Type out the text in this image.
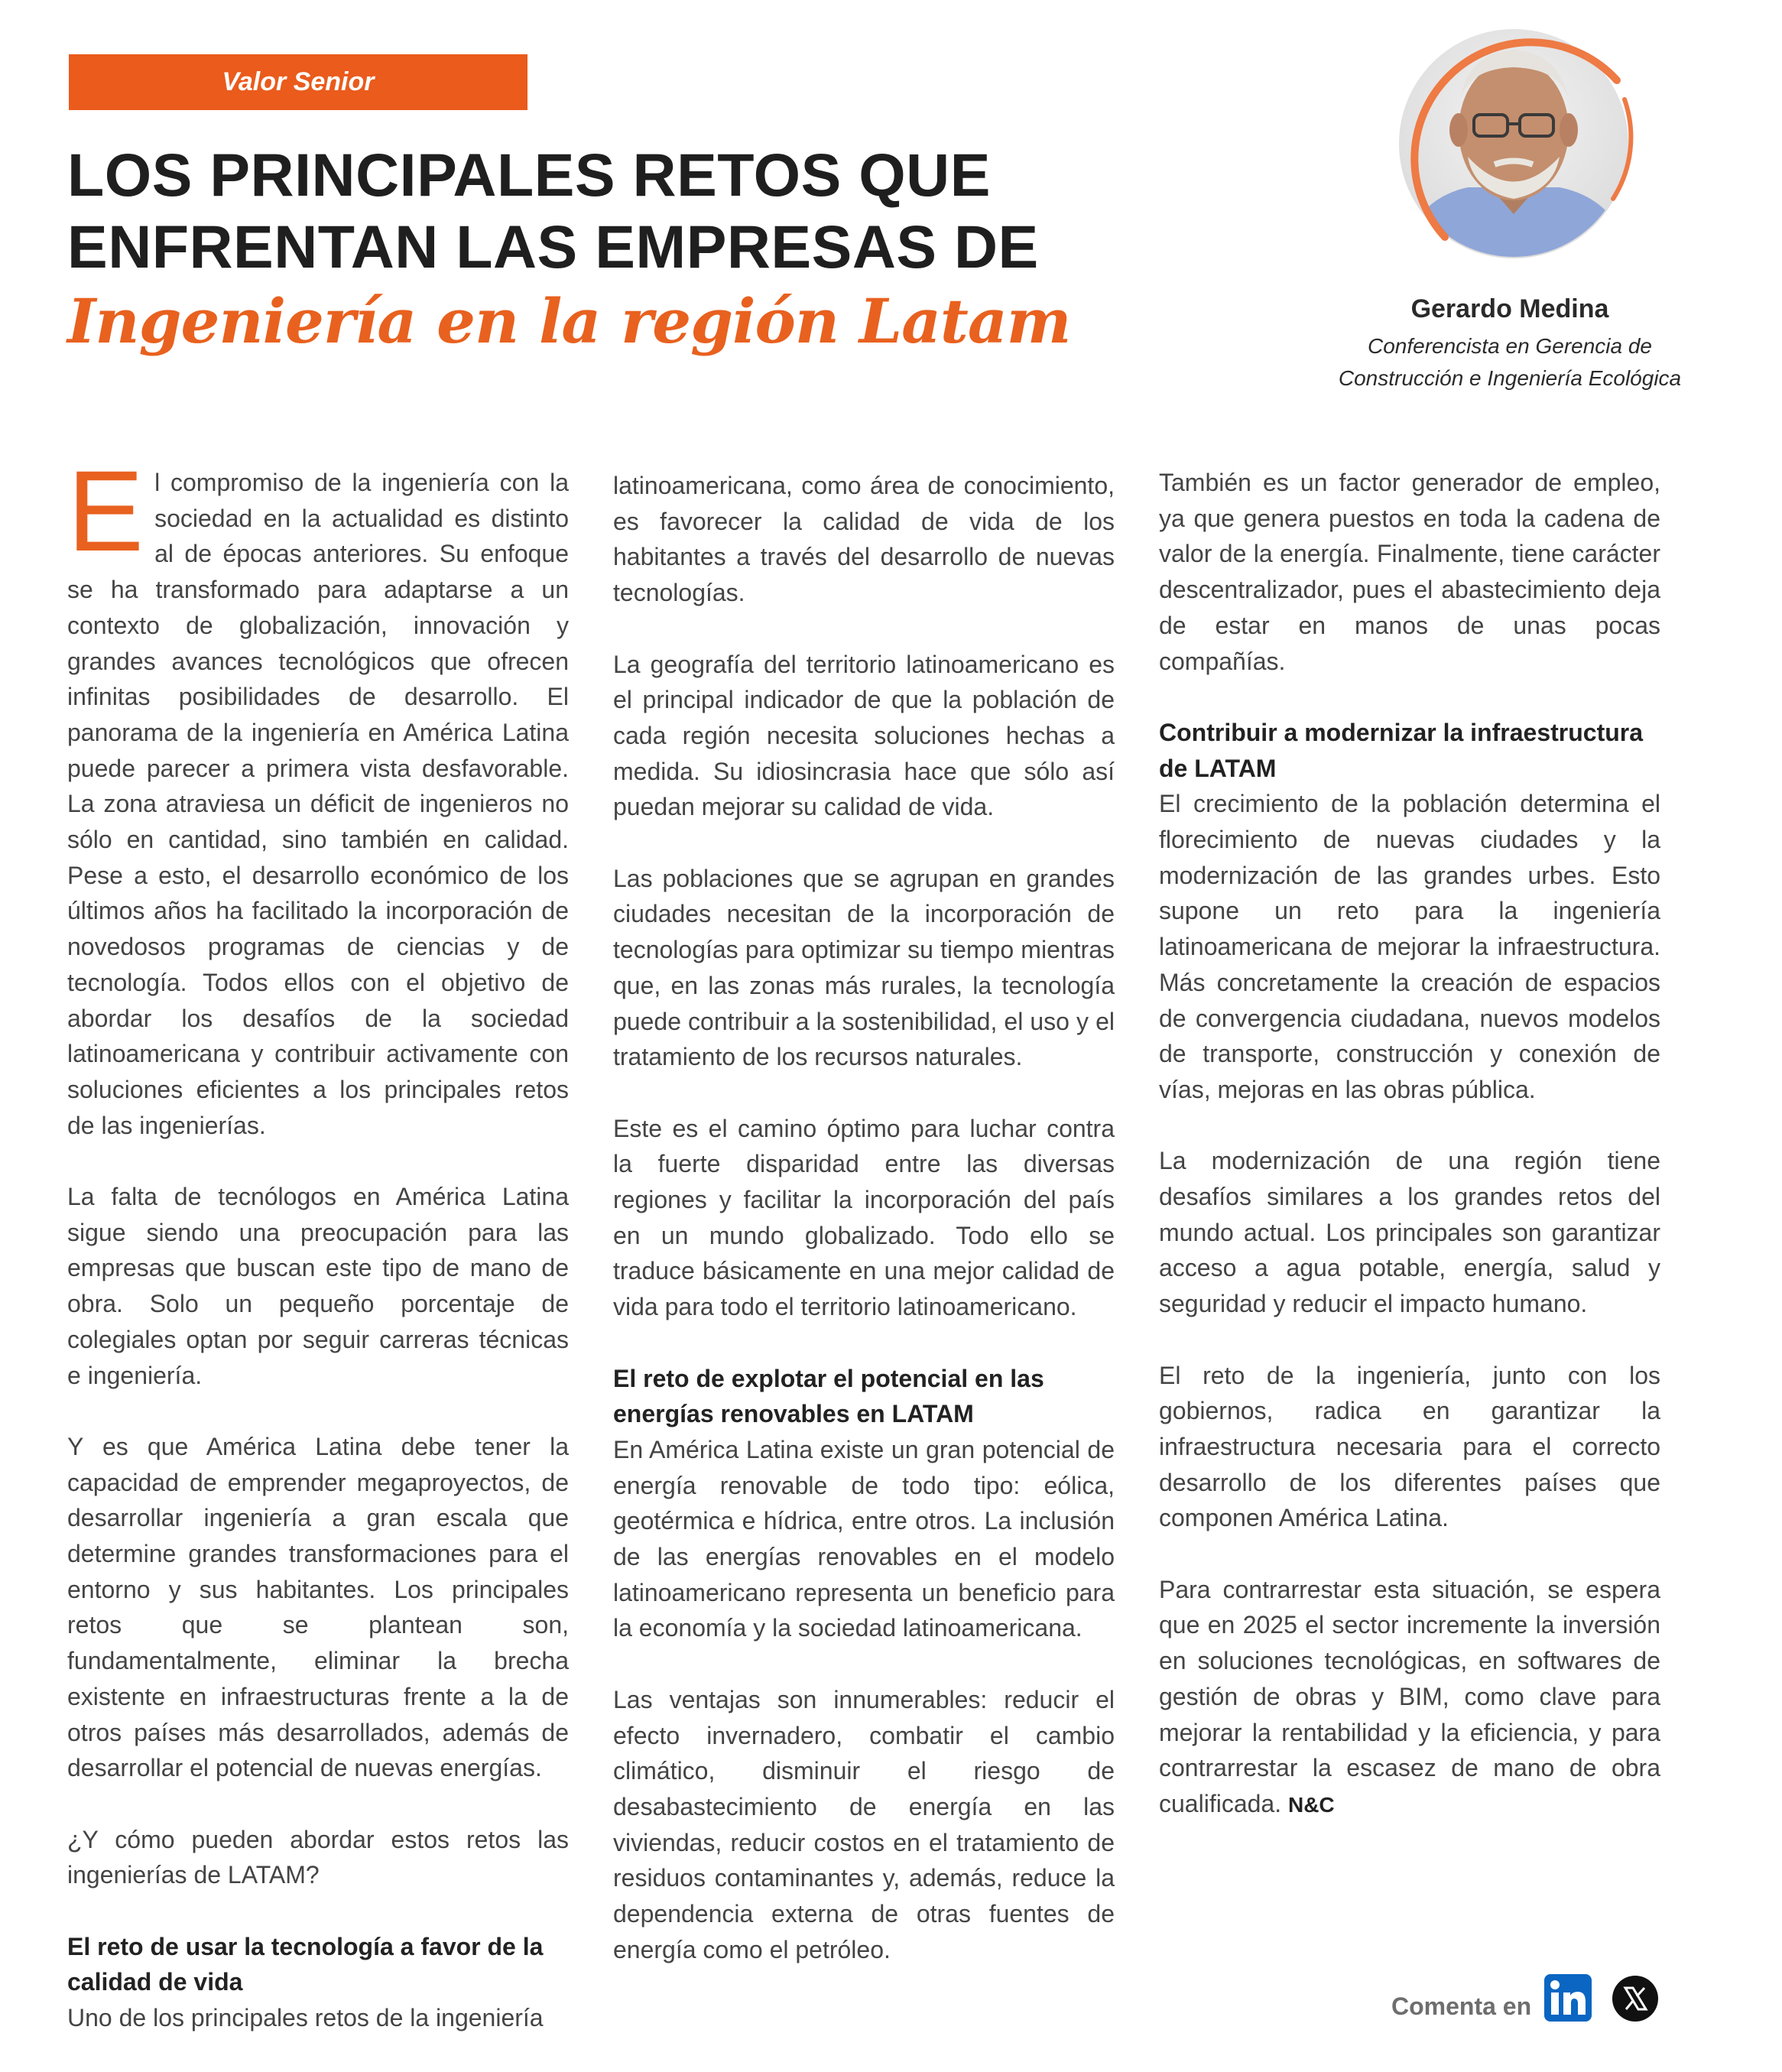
Valor Senior
LOS PRINCIPALES RETOS QUE
ENFRENTAN LAS EMPRESAS DE
Ingeniería en la región Latam	Gerardo Medina
Conferencista en Gerencia de Construcción e Ingeniería Ecológica

El compromiso de la ingeniería con la sociedad en la actualidad es distinto al de épocas anteriores. Su enfoque se ha transformado para adaptarse a un contexto de globalización, innovación y grandes avances tecnológicos que ofrecen infinitas posibilidades de desarrollo. El panorama de la ingeniería en América Latina puede parecer a primera vista desfavorable. La zona atraviesa un déficit de ingenieros no sólo en cantidad, sino también en calidad. Pese a esto, el desarrollo económico de los últimos años ha facilitado la incorporación de novedosos programas de ciencias y de tecnología. Todos ellos con el objetivo de abordar los desafíos de la sociedad latinoamericana y contribuir activamente con soluciones eficientes a los principales retos de las ingenierías.

La falta de tecnólogos en América Latina sigue siendo una preocupación para las empresas que buscan este tipo de mano de obra. Solo un pequeño porcentaje de colegiales optan por seguir carreras técnicas e ingeniería.

Y es que América Latina debe tener la capacidad de emprender megaproyectos, de desarrollar ingeniería a gran escala que determine grandes transformaciones para el entorno y sus habitantes. Los principales retos que se plantean son, fundamentalmente, eliminar la brecha existente en infraestructuras frente a la de otros países más desarrollados, además de desarrollar el potencial de nuevas energías.

¿Y cómo pueden abordar estos retos las ingenierías de LATAM?

El reto de usar la tecnología a favor de la calidad de vida

Uno de los principales retos de la ingeniería

latinoamericana, como área de conocimiento, es favorecer la calidad de vida de los habitantes a través del desarrollo de nuevas tecnologías.

La geografía del territorio latinoamericano es el principal indicador de que la población de cada región necesita soluciones hechas a medida. Su idiosincrasia hace que sólo así puedan mejorar su calidad de vida.

Las poblaciones que se agrupan en grandes ciudades necesitan de la incorporación de tecnologías para optimizar su tiempo mientras que, en las zonas más rurales, la tecnología puede contribuir a la sostenibilidad, el uso y el tratamiento de los recursos naturales.

Este es el camino óptimo para luchar contra la fuerte disparidad entre las diversas regiones y facilitar la incorporación del país en un mundo globalizado. Todo ello se traduce básicamente en una mejor calidad de vida para todo el territorio latinoamericano.

El reto de explotar el potencial en las energías renovables en LATAM

En América Latina existe un gran potencial de energía renovable de todo tipo: eólica, geotérmica e hídrica, entre otros. La inclusión de las energías renovables en el modelo latinoamericano representa un beneficio para la economía y la sociedad latinoamericana.

Las ventajas son innumerables: reducir el efecto invernadero, combatir el cambio climático, disminuir el riesgo de desabastecimiento de energía en las viviendas, reducir costos en el tratamiento de residuos contaminantes y, además, reduce la dependencia externa de otras fuentes de energía como el petróleo.

También es un factor generador de empleo, ya que genera puestos en toda la cadena de valor de la energía. Finalmente, tiene carácter descentralizador, pues el abastecimiento deja de estar en manos de unas pocas compañías.

Contribuir a modernizar la infraestructura de LATAM

El crecimiento de la población determina el florecimiento de nuevas ciudades y la modernización de las grandes urbes. Esto supone un reto para la ingeniería latinoamericana de mejorar la infraestructura. Más concretamente la creación de espacios de convergencia ciudadana, nuevos modelos de transporte, construcción y conexión de vías, mejoras en las obras pública.

La modernización de una región tiene desafíos similares a los grandes retos del mundo actual. Los principales son garantizar acceso a agua potable, energía, salud y seguridad y reducir el impacto humano.

El reto de la ingeniería, junto con los gobiernos, radica en garantizar la infraestructura necesaria para el correcto desarrollo de los diferentes países que componen América Latina.

Para contrarrestar esta situación, se espera que en 2025 el sector incremente la inversión en soluciones tecnológicas, en softwares de gestión de obras y BIM, como clave para mejorar la rentabilidad y la eficiencia, y para contrarrestar la escasez de mano de obra cualificada. N&C

Comenta en
